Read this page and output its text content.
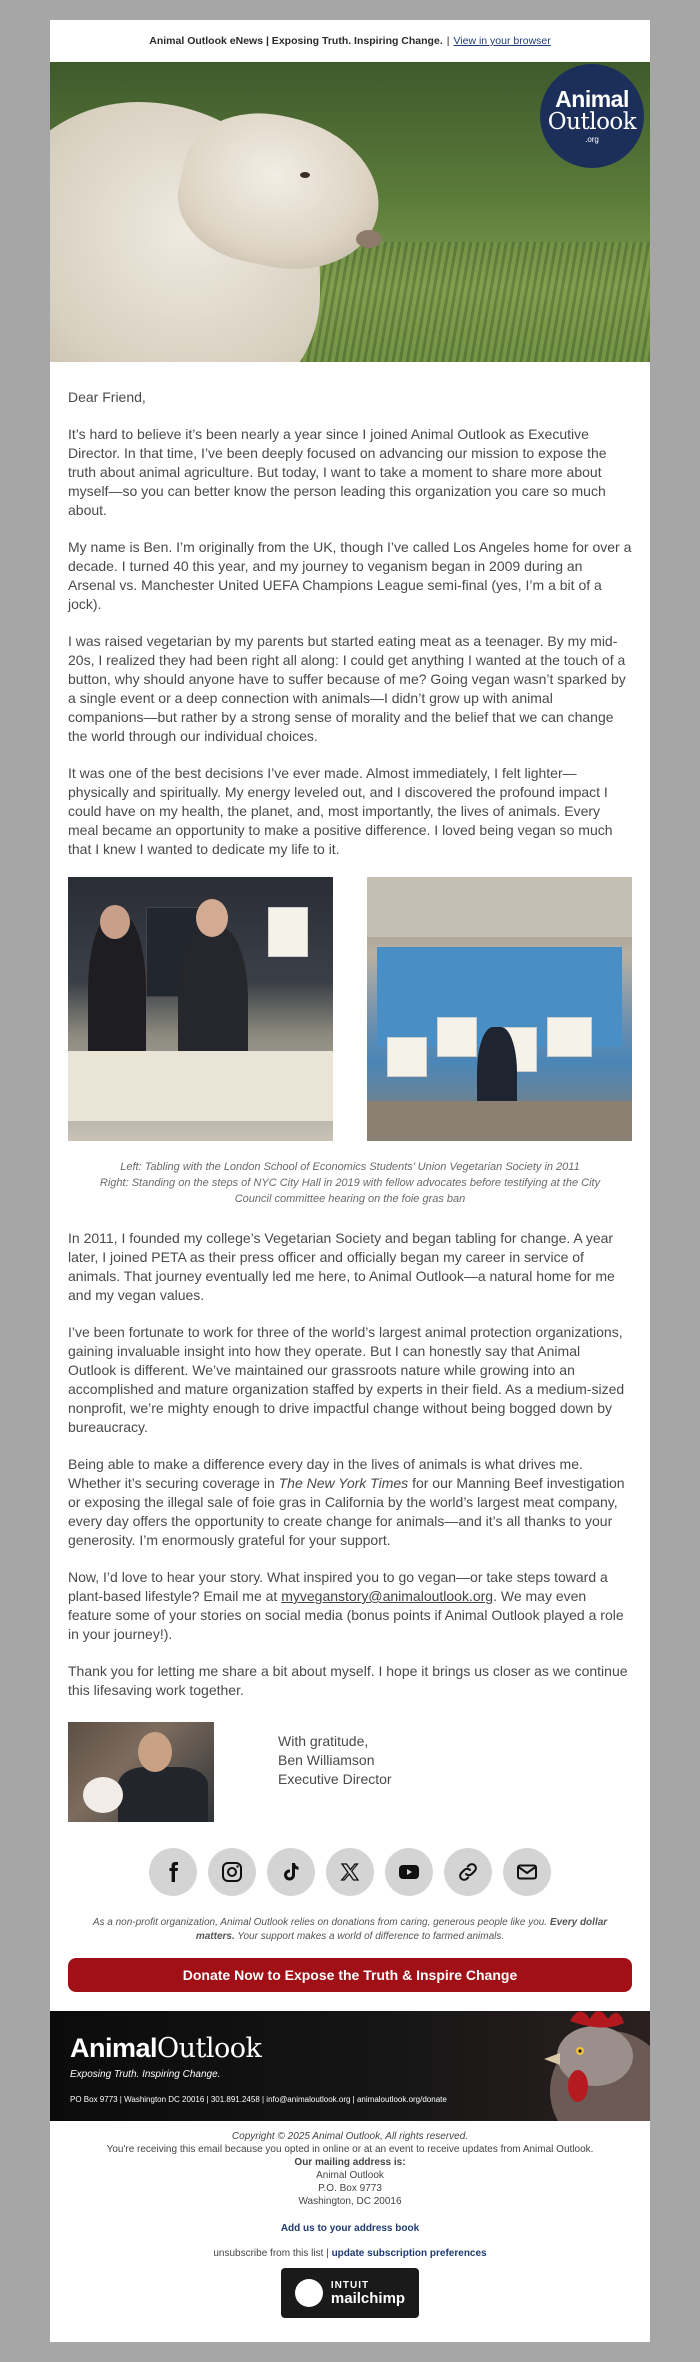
Animal Outlook eNews | Exposing Truth. Inspiring Change. | View in your browser
Animal
Outlook
.org

Dear Friend,

It’s hard to believe it’s been nearly a year since I joined Animal Outlook as Executive Director. In that time, I’ve been deeply focused on advancing our mission to expose the truth about animal agriculture. But today, I want to take a moment to share more about myself—so you can better know the person leading this organization you care so much about.

My name is Ben. I’m originally from the UK, though I’ve called Los Angeles home for over a decade. I turned 40 this year, and my journey to veganism began in 2009 during an Arsenal vs. Manchester United UEFA Champions League semi-final (yes, I’m a bit of a jock).

I was raised vegetarian by my parents but started eating meat as a teenager. By my mid-20s, I realized they had been right all along: I could get anything I wanted at the touch of a button, why should anyone have to suffer because of me? Going vegan wasn’t sparked by a single event or a deep connection with animals—I didn’t grow up with animal companions—but rather by a strong sense of morality and the belief that we can change the world through our individual choices.

It was one of the best decisions I’ve ever made. Almost immediately, I felt lighter—physically and spiritually. My energy leveled out, and I discovered the profound impact I could have on my health, the planet, and, most importantly, the lives of animals. Every meal became an opportunity to make a positive difference. I loved being vegan so much that I knew I wanted to dedicate my life to it.

Left: Tabling with the London School of Economics Students’ Union Vegetarian Society in 2011
Right: Standing on the steps of NYC City Hall in 2019 with fellow advocates before testifying at the City Council committee hearing on the foie gras ban

In 2011, I founded my college’s Vegetarian Society and began tabling for change. A year later, I joined PETA as their press officer and officially began my career in service of animals. That journey eventually led me here, to Animal Outlook—a natural home for me and my vegan values.

I’ve been fortunate to work for three of the world’s largest animal protection organizations, gaining invaluable insight into how they operate. But I can honestly say that Animal Outlook is different. We’ve maintained our grassroots nature while growing into an accomplished and mature organization staffed by experts in their field. As a medium-sized nonprofit, we’re mighty enough to drive impactful change without being bogged down by bureaucracy.

Being able to make a difference every day in the lives of animals is what drives me. Whether it’s securing coverage in The New York Times for our Manning Beef investigation or exposing the illegal sale of foie gras in California by the world’s largest meat company, every day offers the opportunity to create change for animals—and it’s all thanks to your generosity. I’m enormously grateful for your support.

Now, I’d love to hear your story. What inspired you to go vegan—or take steps toward a plant-based lifestyle? Email me at myveganstory@animaloutlook.org. We may even feature some of your stories on social media (bonus points if Animal Outlook played a role in your journey!).

Thank you for letting me share a bit about myself. I hope it brings us closer as we continue this lifesaving work together.

With gratitude,
Ben Williamson
Executive Director
As a non-profit organization, Animal Outlook relies on donations from caring, generous people like you. Every dollar matters. Your support makes a world of difference to farmed animals.
Donate Now to Expose the Truth & Inspire Change
AnimalOutlook
Exposing Truth. Inspiring Change.
PO Box 9773 | Washington DC 20016 | 301.891.2458 | info@animaloutlook.org | animaloutlook.org/donate
Copyright © 2025 Animal Outlook, All rights reserved.
You're receiving this email because you opted in online or at an event to receive updates from Animal Outlook.
Our mailing address is:
Animal Outlook
P.O. Box 9773
Washington, DC 20016
Add us to your address book
unsubscribe from this list | update subscription preferences
INTUIT
mailchimp
